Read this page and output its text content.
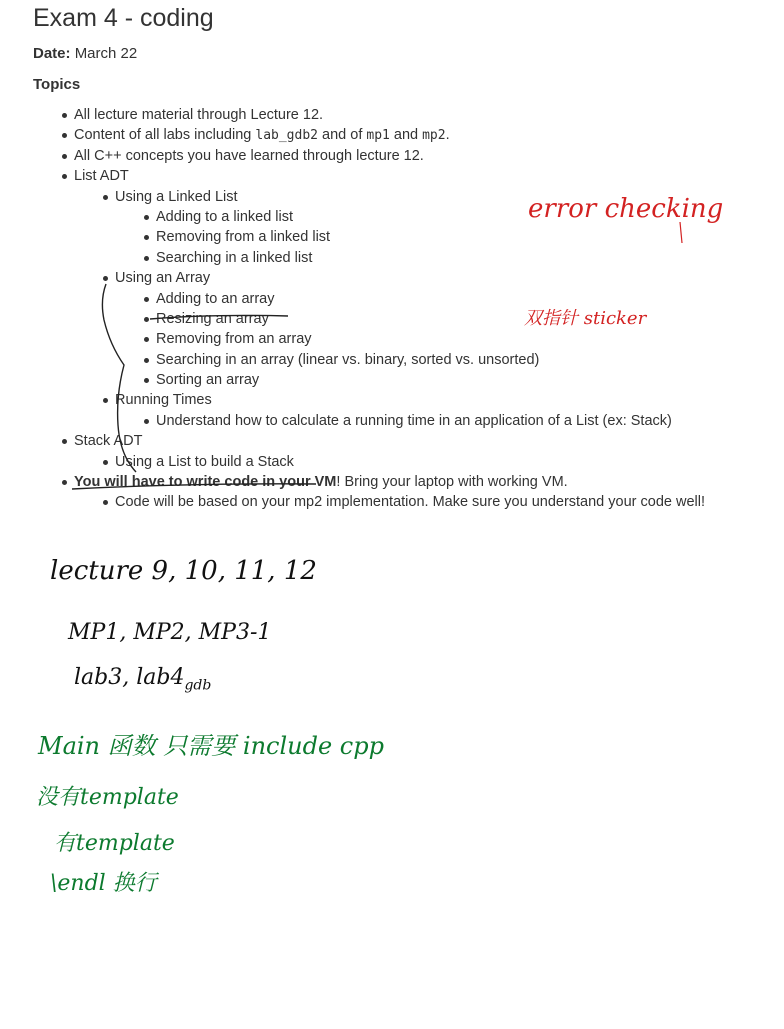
Exam 4 - coding
Date: March 22
Topics
All lecture material through Lecture 12.
Content of all labs including lab_gdb2 and of mp1 and mp2.
All C++ concepts you have learned through lecture 12.
List ADT
Using a Linked List
Adding to a linked list
Removing from a linked list
Searching in a linked list
Using an Array
Adding to an array
Resizing an array
Removing from an array
Searching in an array (linear vs. binary, sorted vs. unsorted)
Sorting an array
Running Times
Understand how to calculate a running time in an application of a List (ex: Stack)
Stack ADT
Using a List to build a Stack
You will have to write code in your VM! Bring your laptop with working VM.
Code will be based on your mp2 implementation. Make sure you understand your code well!
error checking
双指针 sticker
lecture 9, 10, 11, 12
MP1, MP2, MP3-1
lab3, $lab4_{gdb}$
Main 函数 只需要 include cpp
没有template
有template
\endl 换行
